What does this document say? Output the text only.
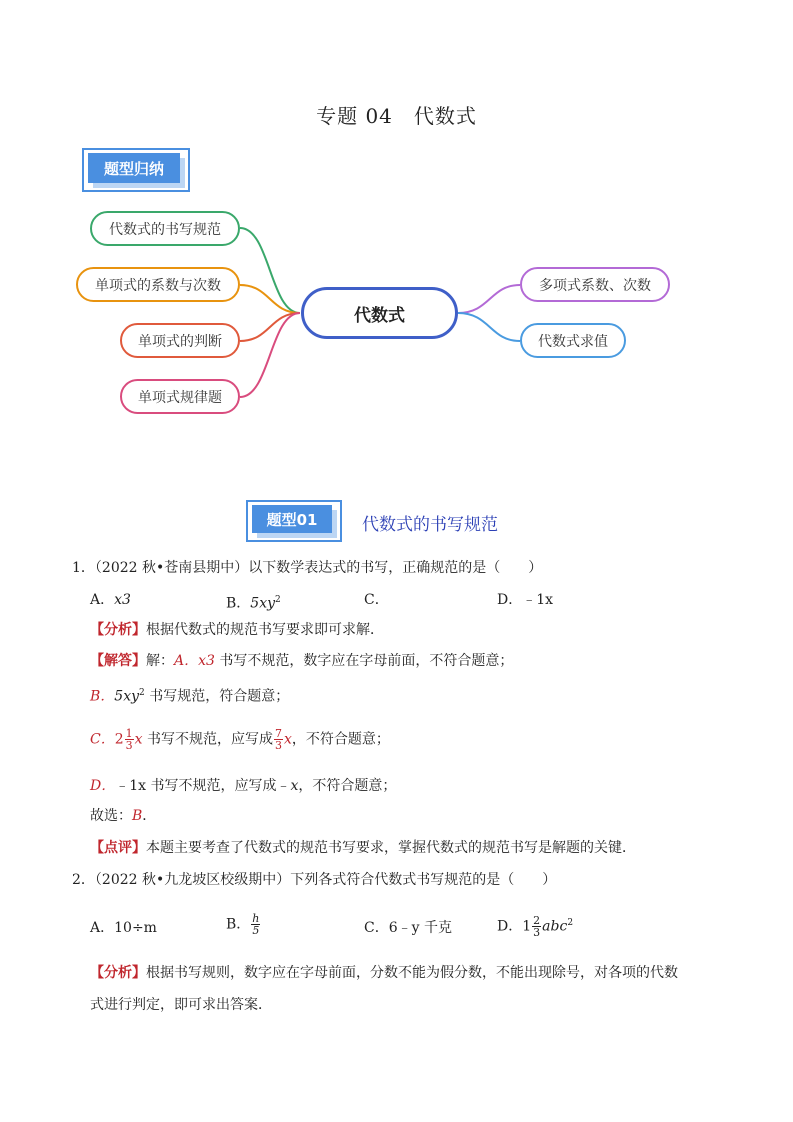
专题 04　代数式
题型归纳
代数式
代数式的书写规范
单项式的系数与次数
单项式的判断
单项式规律题
多项式系数、次数
代数式求值
题型01	代数式的书写规范
1．（2022 秋•苍南县期中）以下数学表达式的书写，正确规范的是（　　）
A．x3	B．$5xy^2$	C．	D．﹣1x
【分析】根据代数式的规范书写要求即可求解．
【解答】解：A．x3 书写不规范，数字应在字母前面，不符合题意；
B．$5xy^2$ 书写规范，符合题意；
C．$2 \frac{1}{3}$ x 书写不规范，应写成 $\frac{7}{3}$ x，不符合题意；
D．﹣1x 书写不规范，应写成﹣x，不符合题意；
故选：B．
【点评】本题主要考查了代数式的规范书写要求，掌握代数式的规范书写是解题的关键．
2．（2022 秋•九龙坡区校级期中）下列各式符合代数式书写规范的是（　　）
A．10÷m	B． $\frac{h}{5}$	C．6﹣y 千克	D．$1 \frac{2}{3} abc^2$
【分析】根据书写规则，数字应在字母前面，分数不能为假分数，不能出现除号，对各项的代数
式进行判定，即可求出答案．
